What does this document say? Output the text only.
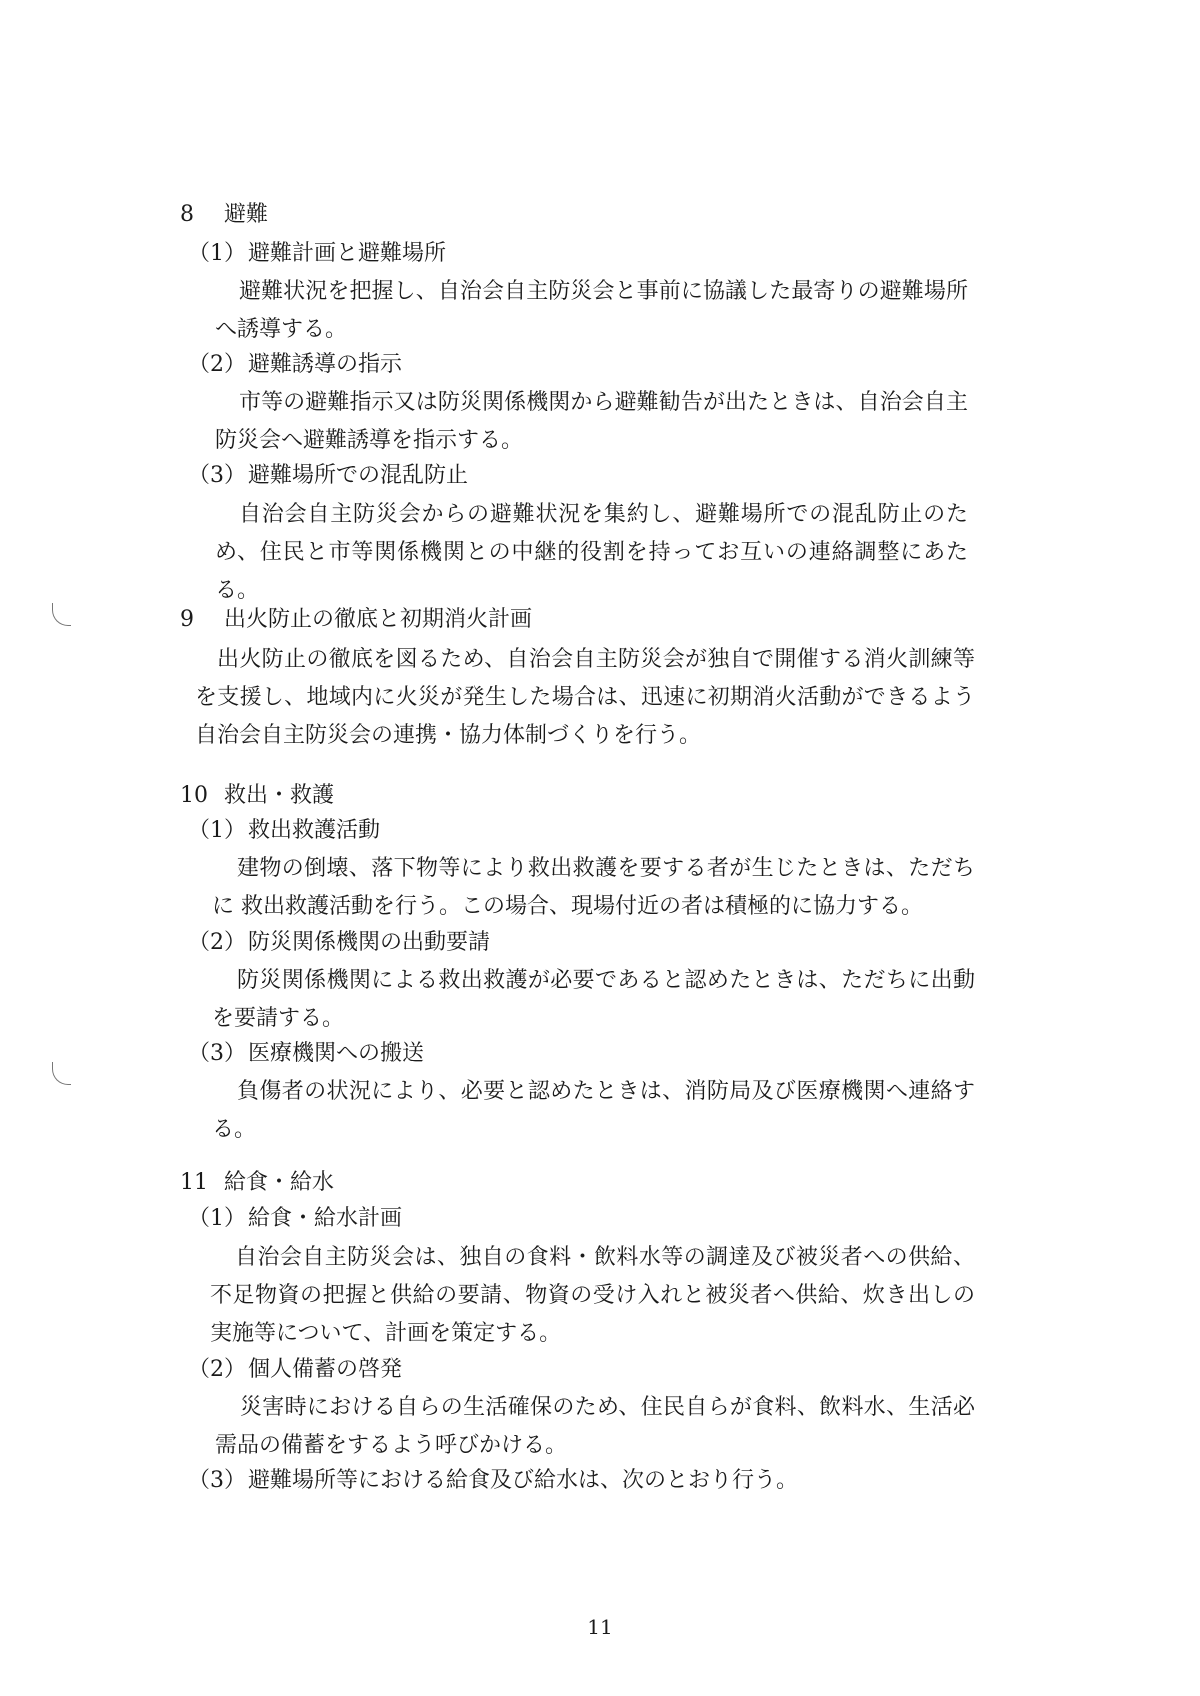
8 避難
（1）避難計画と避難場所
避難状況を把握し、自治会自主防災会と事前に協議した最寄りの避難場所へ誘導する。
（2）避難誘導の指示
市等の避難指示又は防災関係機関から避難勧告が出たときは、自治会自主防災会へ避難誘導を指示する。
（3）避難場所での混乱防止
自治会自主防災会からの避難状況を集約し、避難場所での混乱防止のため、住民と市等関係機関との中継的役割を持ってお互いの連絡調整にあたる。
9 出火防止の徹底と初期消火計画
出火防止の徹底を図るため、自治会自主防災会が独自で開催する消火訓練等を支援し、地域内に火災が発生した場合は、迅速に初期消火活動ができるよう自治会自主防災会の連携・協力体制づくりを行う。
10 救出・救護
（1）救出救護活動
建物の倒壊、落下物等により救出救護を要する者が生じたときは、ただちに 救出救護活動を行う。この場合、現場付近の者は積極的に協力する。
（2）防災関係機関の出動要請
防災関係機関による救出救護が必要であると認めたときは、ただちに出動を要請する。
（3）医療機関への搬送
負傷者の状況により、必要と認めたときは、消防局及び医療機関へ連絡する。
11 給食・給水
（1）給食・給水計画
自治会自主防災会は、独自の食料・飲料水等の調達及び被災者への供給、不足物資の把握と供給の要請、物資の受け入れと被災者へ供給、炊き出しの実施等について、計画を策定する。
（2）個人備蓄の啓発
災害時における自らの生活確保のため、住民自らが食料、飲料水、生活必需品の備蓄をするよう呼びかける。
（3）避難場所等における給食及び給水は、次のとおり行う。
11
